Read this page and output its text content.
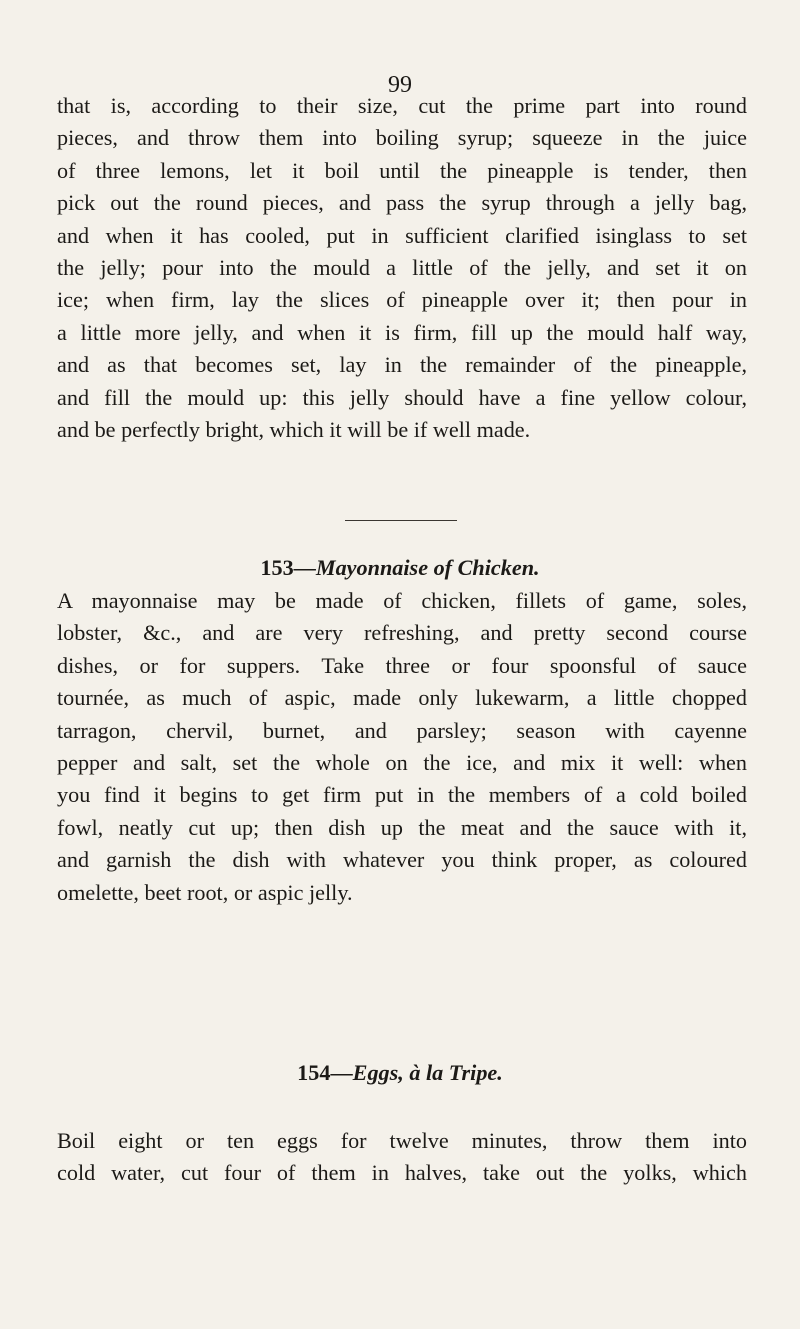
99

that is, according to their size, cut the prime part into round
pieces, and throw them into boiling syrup; squeeze in the juice
of three lemons, let it boil until the pineapple is tender, then
pick out the round pieces, and pass the syrup through a jelly bag,
and when it has cooled, put in sufficient clarified isinglass to set
the jelly; pour into the mould a little of the jelly, and set it on
ice; when firm, lay the slices of pineapple over it; then pour in
a little more jelly, and when it is firm, fill up the mould half way,
and as that becomes set, lay in the remainder of the pineapple,
and fill the mould up: this jelly should have a fine yellow colour,
and be perfectly bright, which it will be if well made.

153—Mayonnaise of Chicken.

A mayonnaise may be made of chicken, fillets of game, soles,
lobster, &c., and are very refreshing, and pretty second course
dishes, or for suppers. Take three or four spoonsful of sauce
tournée, as much of aspic, made only lukewarm, a little chopped
tarragon, chervil, burnet, and parsley; season with cayenne
pepper and salt, set the whole on the ice, and mix it well: when
you find it begins to get firm put in the members of a cold boiled
fowl, neatly cut up; then dish up the meat and the sauce with it,
and garnish the dish with whatever you think proper, as coloured
omelette, beet root, or aspic jelly.

154—Eggs, à la Tripe.

Boil eight or ten eggs for twelve minutes, throw them into
cold water, cut four of them in halves, take out the yolks, which
